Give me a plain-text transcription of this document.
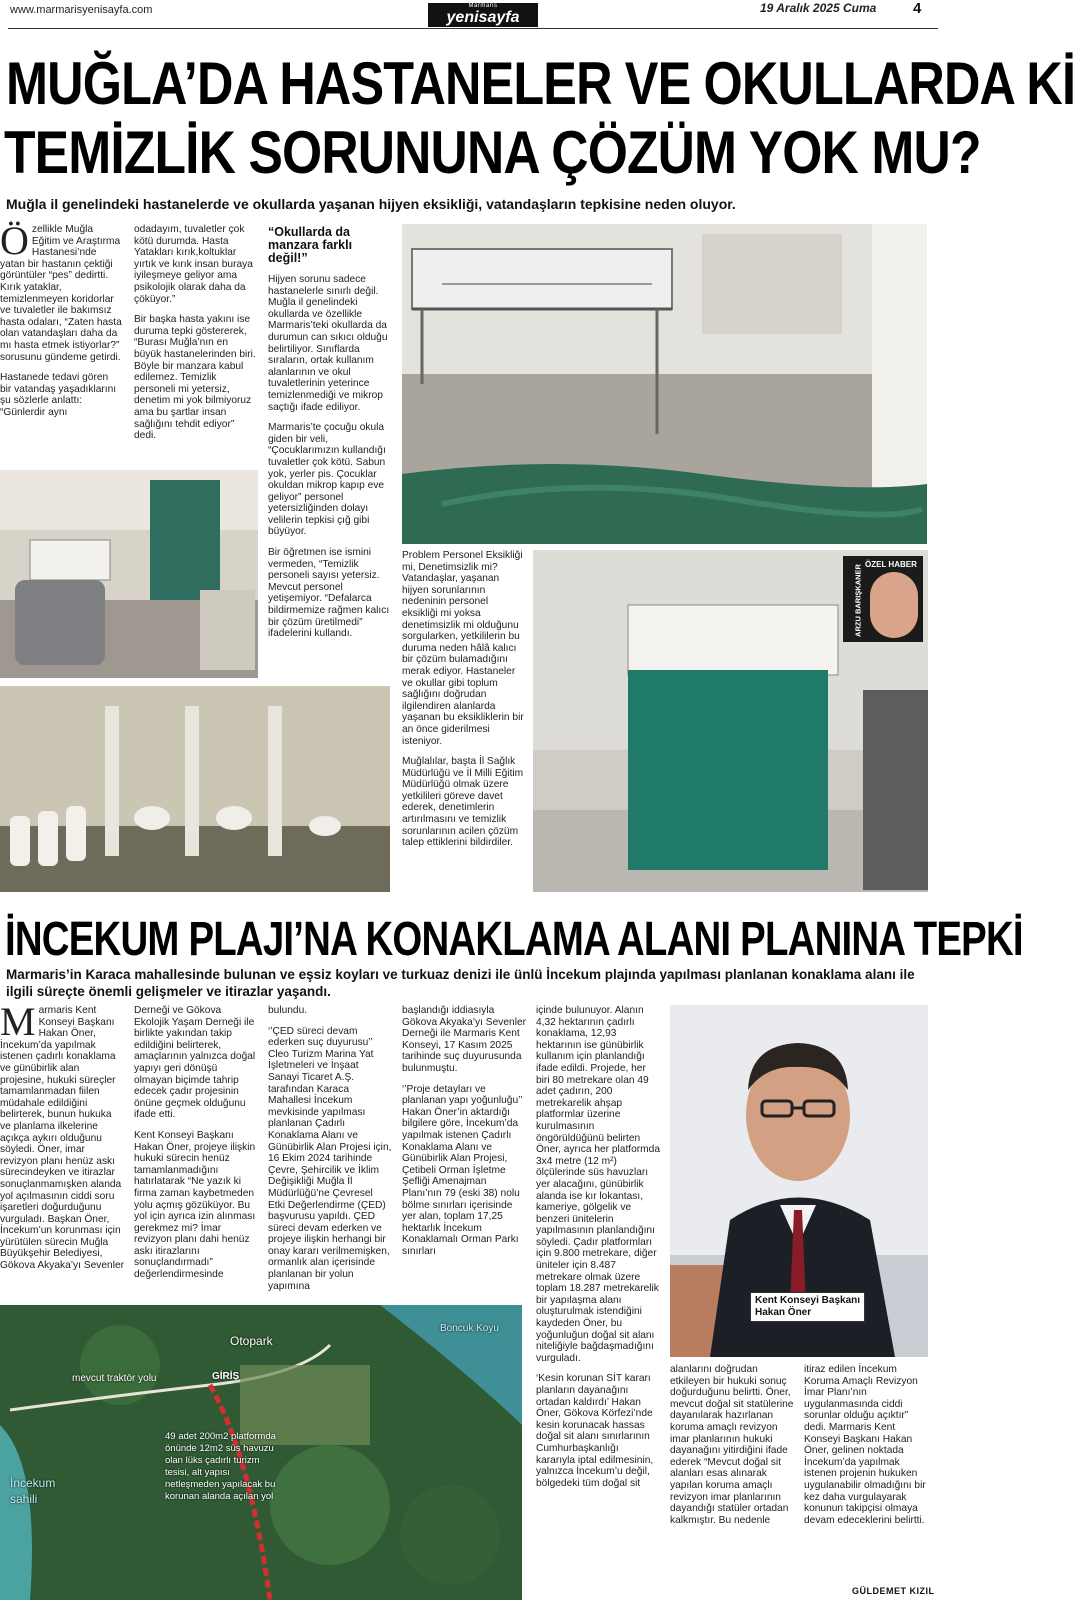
www.marmarisyenisayfa.com	Marmaris
yenisayfa
19 Aralık 2025 Cuma 4
MUĞLA’DA HASTANELER VE OKULLARDA Kİ
TEMİZLİK SORUNUNA ÇÖZÜM YOK MU?
Muğla il genelindeki hastanelerde ve okullarda yaşanan hijyen eksikliği, vatandaşların tepkisine neden oluyor.

Özellikle Muğla Eğitim ve Araştırma Hastanesi’nde yatan bir hastanın çektiği görüntüler “pes” dedirtti. Kırık yataklar, temizlenmeyen koridorlar ve tuvaletler ile bakımsız hasta odaları, “Zaten hasta olan vatandaşları daha da mı hasta etmek istiyorlar?” sorusunu gündeme getirdi.

Hastanede tedavi gören bir vatandaş yaşadıklarını şu sözlerle anlattı: “Günlerdir aynı

odadayım, tuvaletler çok kötü durumda. Hasta Yatakları kırık,koltuklar yırtık ve kırık insan buraya iyileşmeye geliyor ama psikolojik olarak daha da çöküyor.”

Bir başka hasta yakını ise duruma tepki göstererek, “Burası Muğla’nın en büyük hastanelerinden biri. Böyle bir manzara kabul edilemez. Temizlik personeli mi yetersiz, denetim mi yok bilmiyoruz ama bu şartlar insan sağlığını tehdit ediyor” dedi.

“Okullarda da manzara farklı değil!”

Hijyen sorunu sadece hastanelerle sınırlı değil. Muğla il genelindeki okullarda ve özellikle Marmaris’teki okullarda da durumun can sıkıcı olduğu belirtiliyor. Sınıflarda sıraların, ortak kullanım alanlarının ve okul tuvaletlerinin yeterince temizlenmediği ve mikrop saçtığı ifade ediliyor.

Marmaris’te çocuğu okula giden bir veli, “Çocuklarımızın kullandığı tuvaletler çok kötü. Sabun yok, yerler pis. Çocuklar okuldan mikrop kapıp eve geliyor” personel yetersizliğinden dolayı velilerin tepkisi çığ gibi büyüyor.

Bir öğretmen ise ismini vermeden, “Temizlik personeli sayısı yetersiz. Mevcut personel yetişemiyor. “Defalarca bildirmemize rağmen kalıcı bir çözüm üretilmedi” ifadelerini kullandı.

Problem Personel Eksikliği mi, Denetimsizlik mi?Vatandaşlar, yaşanan hijyen sorunlarının nedeninin personel eksikliği mi yoksa denetimsizlik mi olduğunu sorgularken, yetkililerin bu duruma neden hâlâ kalıcı bir çözüm bulamadığını merak ediyor. Hastaneler ve okullar gibi toplum sağlığını doğrudan ilgilendiren alanlarda yaşanan bu eksikliklerin bir an önce giderilmesi isteniyor.

Muğlalılar, başta İl Sağlık Müdürlüğü ve İl Milli Eğitim Müdürlüğü olmak üzere yetkilileri göreve davet ederek, denetimlerin artırılmasını ve temizlik sorunlarının acilen çözüm talep ettiklerini bildirdiler.

ÖZEL HABER
ARZU BARIŞKANER
İNCEKUM PLAJI’NA KONAKLAMA ALANI PLANINA TEPKİ
Marmaris’in Karaca mahallesinde bulunan ve eşsiz koyları ve turkuaz denizi ile ünlü İncekum plajında yapılması planlanan konaklama alanı ile ilgili süreçte önemli gelişmeler ve itirazlar yaşandı.

Marmaris Kent Konseyi Başkanı Hakan Öner, İncekum’da yapılmak istenen çadırlı konaklama ve günübirlik alan projesine, hukuki süreçler tamamlanmadan fiilen müdahale edildiğini belirterek, bunun hukuka ve planlama ilkelerine açıkça aykırı olduğunu söyledi. Öner, imar revizyon planı henüz askı sürecindeyken ve itirazlar sonuçlanmamışken alanda yol açılmasının ciddi soru işaretleri doğurduğunu vurguladı. Başkan Öner, İncekum’un korunması için yürütülen sürecin Muğla Büyükşehir Belediyesi, Gökova Akyaka’yı Sevenler

Derneği ve Gökova Ekolojik Yaşam Derneği ile birlikte yakından takip edildiğini belirterek, amaçlarının yalnızca doğal yapıyı geri dönüşü olmayan biçimde tahrip edecek çadır projesinin önüne geçmek olduğunu ifade etti.

Kent Konseyi Başkanı Hakan Öner, projeye ilişkin hukuki sürecin henüz tamamlanmadığını hatırlatarak “Ne yazık ki firma zaman kaybetmeden yolu açmış gözüküyor. Bu yol için ayrıca izin alınması gerekmez mi? İmar revizyon planı dahi henüz askı itirazlarını sonuçlandırmadı” değerlendirmesinde

bulundu.

‘’ÇED süreci devam ederken suç duyurusu’’ Cleo Turizm Marina Yat İşletmeleri ve İnşaat Sanayi Ticaret A.Ş. tarafından Karaca Mahallesi İncekum mevkisinde yapılması planlanan Çadırlı Konaklama Alanı ve Günübirlik Alan Projesi için, 16 Ekim 2024 tarihinde Çevre, Şehircilik ve İklim Değişikliği Muğla İl Müdürlüğü’ne Çevresel Etki Değerlendirme (ÇED) başvurusu yapıldı. ÇED süreci devam ederken ve projeye ilişkin herhangi bir onay kararı verilmemişken, ormanlık alan içerisinde planlanan bir yolun yapımına

başlandığı iddiasıyla Gökova Akyaka’yı Sevenler Derneği ile Marmaris Kent Konseyi, 17 Kasım 2025 tarihinde suç duyurusunda bulunmuştu.

‘’Proje detayları ve planlanan yapı yoğunluğu’’ Hakan Öner’in aktardığı bilgilere göre, İncekum’da yapılmak istenen Çadırlı Konaklama Alanı ve Günübirlik Alan Projesi, Çetibeli Orman İşletme Şefliği Amenajman Planı’nın 79 (eski 38) nolu bölme sınırları içerisinde yer alan, toplam 17,25 hektarlık İncekum Konaklamalı Orman Parkı sınırları

içinde bulunuyor. Alanın 4,32 hektarının çadırlı konaklama, 12,93 hektarının ise günübirlik kullanım için planlandığı ifade edildi. Projede, her biri 80 metrekare olan 49 adet çadırın, 200 metrekarelik ahşap platformlar üzerine kurulmasının öngörüldüğünü belirten Öner, ayrıca her platformda 3x4 metre (12 m²) ölçülerinde süs havuzları yer alacağını, günübirlik alanda ise kır lokantası, kameriye, gölgelik ve benzeri ünitelerin yapılmasının planlandığını söyledi. Çadır platformları için 9.800 metrekare, diğer üniteler için 8.487 metrekare olmak üzere toplam 18.287 metrekarelik bir yapılaşma alanı oluşturulmak istendiğini kaydeden Öner, bu yoğunluğun doğal sit alanı niteliğiyle bağdaşmadığını vurguladı.

‘Kesin korunan SİT kararı planların dayanağını ortadan kaldırdı’ Hakan Öner, Gökova Körfezi’nde kesin korunacak hassas doğal sit alanı sınırlarının Cumhurbaşkanlığı kararıyla iptal edilmesinin, yalnızca İncekum’u değil, bölgedeki tüm doğal sit

alanlarını doğrudan etkileyen bir hukuki sonuç doğurduğunu belirtti. Öner, mevcut doğal sit statülerine dayanılarak hazırlanan koruma amaçlı revizyon imar planlarının hukuki dayanağını yitirdiğini ifade ederek “Mevcut doğal sit alanları esas alınarak yapılan koruma amaçlı revizyon imar planlarının dayandığı statüler ortadan kalkmıştır. Bu nedenle

itiraz edilen İncekum Koruma Amaçlı Revizyon İmar Planı’nın uygulanmasında ciddi sorunlar olduğu açıktır” dedi. Marmaris Kent Konseyi Başkanı Hakan Öner, gelinen noktada İncekum’da yapılmak istenen projenin hukuken uygulanabilir olmadığını bir kez daha vurgulayarak konunun takipçisi olmaya devam edeceklerini belirtti.

Kent Konseyi Başkanı
Hakan Öner
Otopark
Boncuk Koyu
mevcut traktör yolu	GİRİŞ
İncekum sahili
49 adet 200m2 platformda önünde 12m2 süs havuzu olan lüks çadırlı turizm tesisi, alt yapısı netleşmeden yapılacak bu korunan alanda açılan yol
GÜLDEMET KIZIL
